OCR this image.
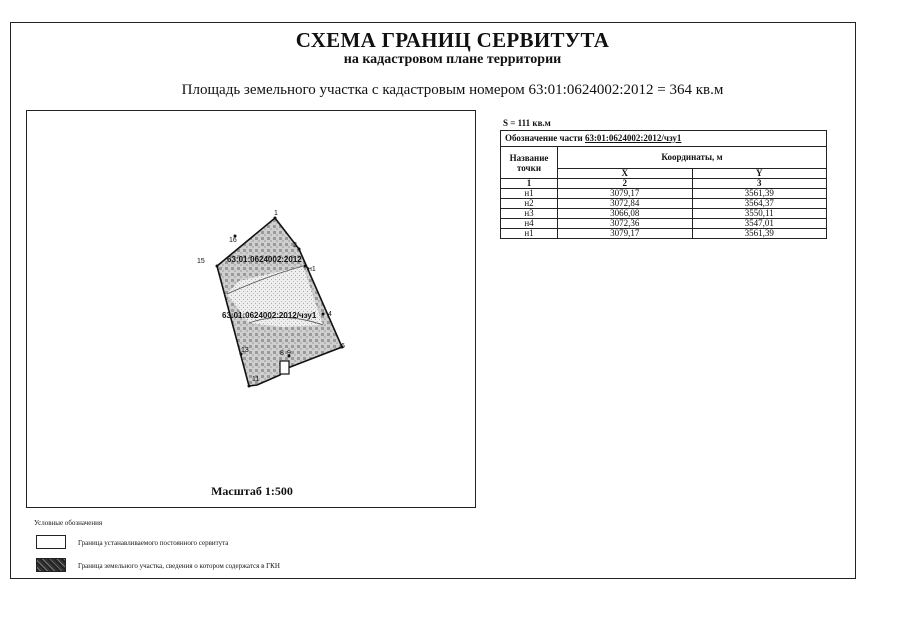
СХЕМА ГРАНИЦ СЕРВИТУТА
на кадастровом плане территории
Площадь земельного участка с кадастровым номером 63:01:0624002:2012 = 364 кв.м
1
2
н1
4
6
9
8
13
11
16
15	63:01:0624002:2012
63:01:0624002:2012/чзу1
Масштаб 1:500
S = 111 кв.м
Обозначение части 63:01:0624002:2012/чзу1		
Название точки	Координаты, м	
	X	Y
1	2	3
н1	3079,17	3561,39
н2	3072,84	3564,37
н3	3066,08	3550,11
н4	3072,36	3547,01
н1	3079,17	3561,39
Условные обозначения
Граница устанавливаемого постоянного сервитута
Граница земельного участка, сведения о котором содержатся в ГКН
